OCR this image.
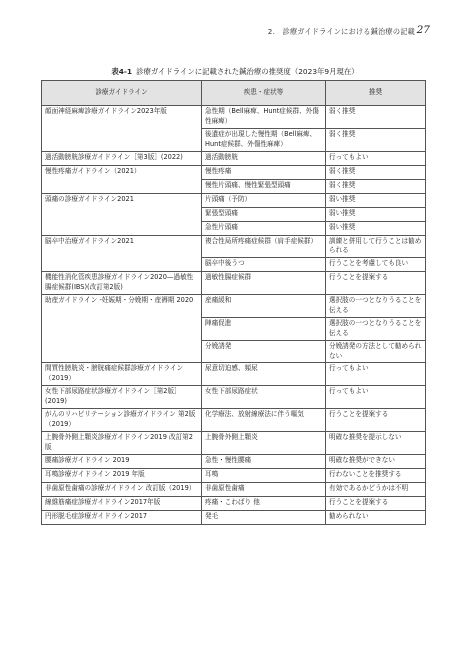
2.　診療ガイドラインにおける鍼治療の記載 27
表4-1 診療ガイドラインに記載された鍼治療の推奨度（2023年9月現在）
診療ガイドライン	疾患・症状等	推奨
顔面神経麻痺診療ガイドライン2023年版	急性期（Bell麻痺、Hunt症候群、外傷性麻痺）	弱く推奨
	後遺症が出現した慢性期（Bell麻痺、Hunt症候群、外傷性麻痺）	弱く推奨
過活動膀胱診療ガイドライン［第3版］(2022)	過活動膀胱	行ってもよい
慢性疼痛ガイドライン（2021）	慢性疼痛	弱く推奨
	慢性片頭痛、慢性緊張型頭痛	弱く推奨
頭痛の診療ガイドライン2021	片頭痛（予防）	弱い推奨
	緊張型頭痛	弱い推奨
	急性片頭痛	弱い推奨
脳卒中治療ガイドライン2021	複合性局所疼痛症候群（肩手症候群）	訓練と併用して行うことは勧められる
	脳卒中後うつ	行うことを考慮しても良い
機能性消化管疾患診療ガイドライン2020—過敏性腸症候群(IBS)(改訂第2版)	過敏性腸症候群	行うことを提案する
助産ガイドライン -妊娠期・分娩期・産褥期 2020	産痛緩和	選択肢の一つとなりうることを伝える
	陣痛促進	選択肢の一つとなりうることを伝える
	分娩誘発	分娩誘発の方法として勧められない
間質性膀胱炎・膀胱痛症候群診療ガイドライン（2019）	尿意切迫感、頻尿	行ってもよい
女性下部尿路症状診療ガイドライン［第2版］(2019)	女性下部尿路症状	行ってもよい
がんのリハビリテーション診療ガイドライン 第2版（2019）	化学療法、放射線療法に伴う嘔気	行うことを提案する
上腕骨外側上顆炎診療ガイドライン2019 改訂第2版	上腕骨外側上顆炎	明確な推奨を提示しない
腰痛診療ガイドライン 2019	急性・慢性腰痛	明確な推奨ができない
耳鳴診療ガイドライン 2019 年版	耳鳴	行わないことを推奨する
非歯原性歯痛の診療ガイドライン 改訂版（2019）	非歯原性歯痛	有効であるかどうかは不明
線維筋痛症診療ガイドライン2017年版	疼痛・こわばり 他	行うことを提案する
円形脱毛症診療ガイドライン2017	発毛	勧められない
